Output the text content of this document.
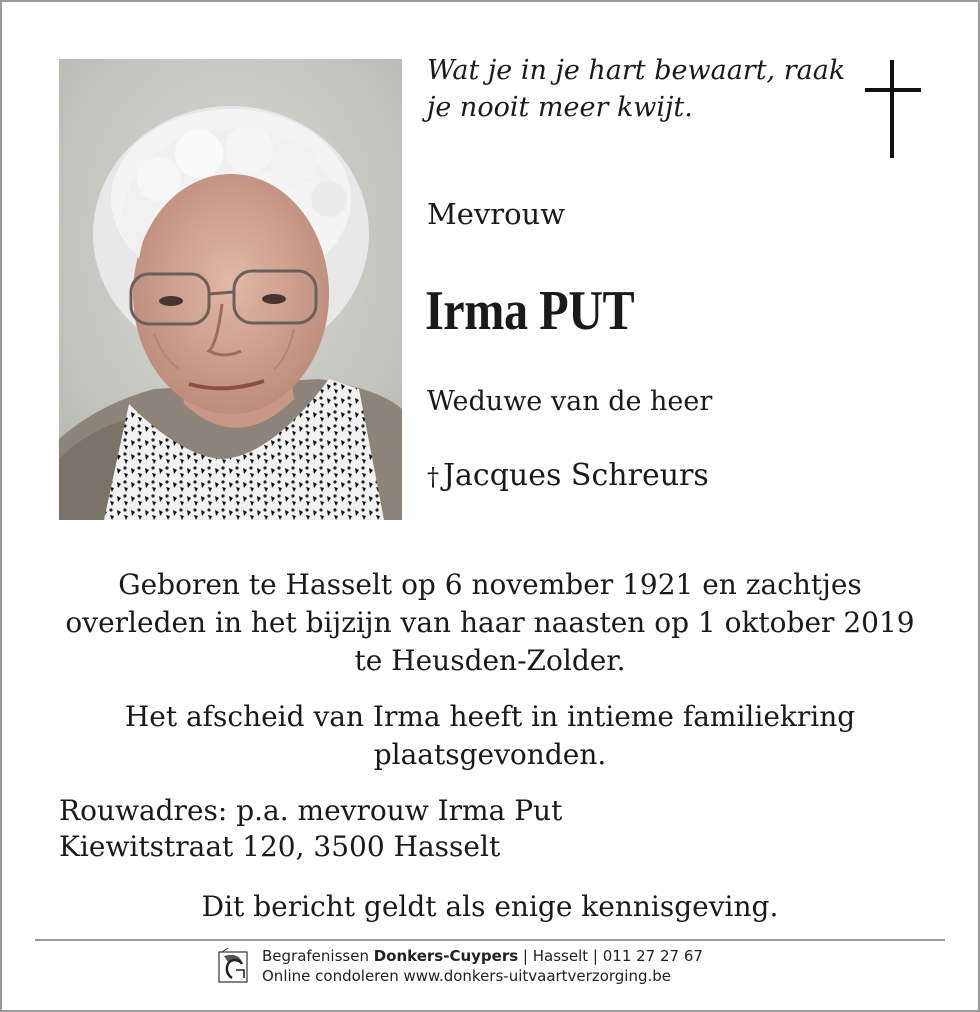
Wat je in je hart bewaart, raak
je nooit meer kwijt.
Mevrouw
Irma PUT
Weduwe van de heer
† Jacques Schreurs
Geboren te Hasselt op 6 november 1921 en zachtjes
overleden in het bijzijn van haar naasten op 1 oktober 2019
te Heusden-Zolder.
Het afscheid van Irma heeft in intieme familiekring
plaatsgevonden.
Rouwadres: p.a. mevrouw Irma Put
Kiewitstraat 120, 3500 Hasselt
Dit bericht geldt als enige kennisgeving.
Begrafenissen Donkers-Cuypers | Hasselt | 011 27 27 67
Online condoleren www.donkers-uitvaartverzorging.be
